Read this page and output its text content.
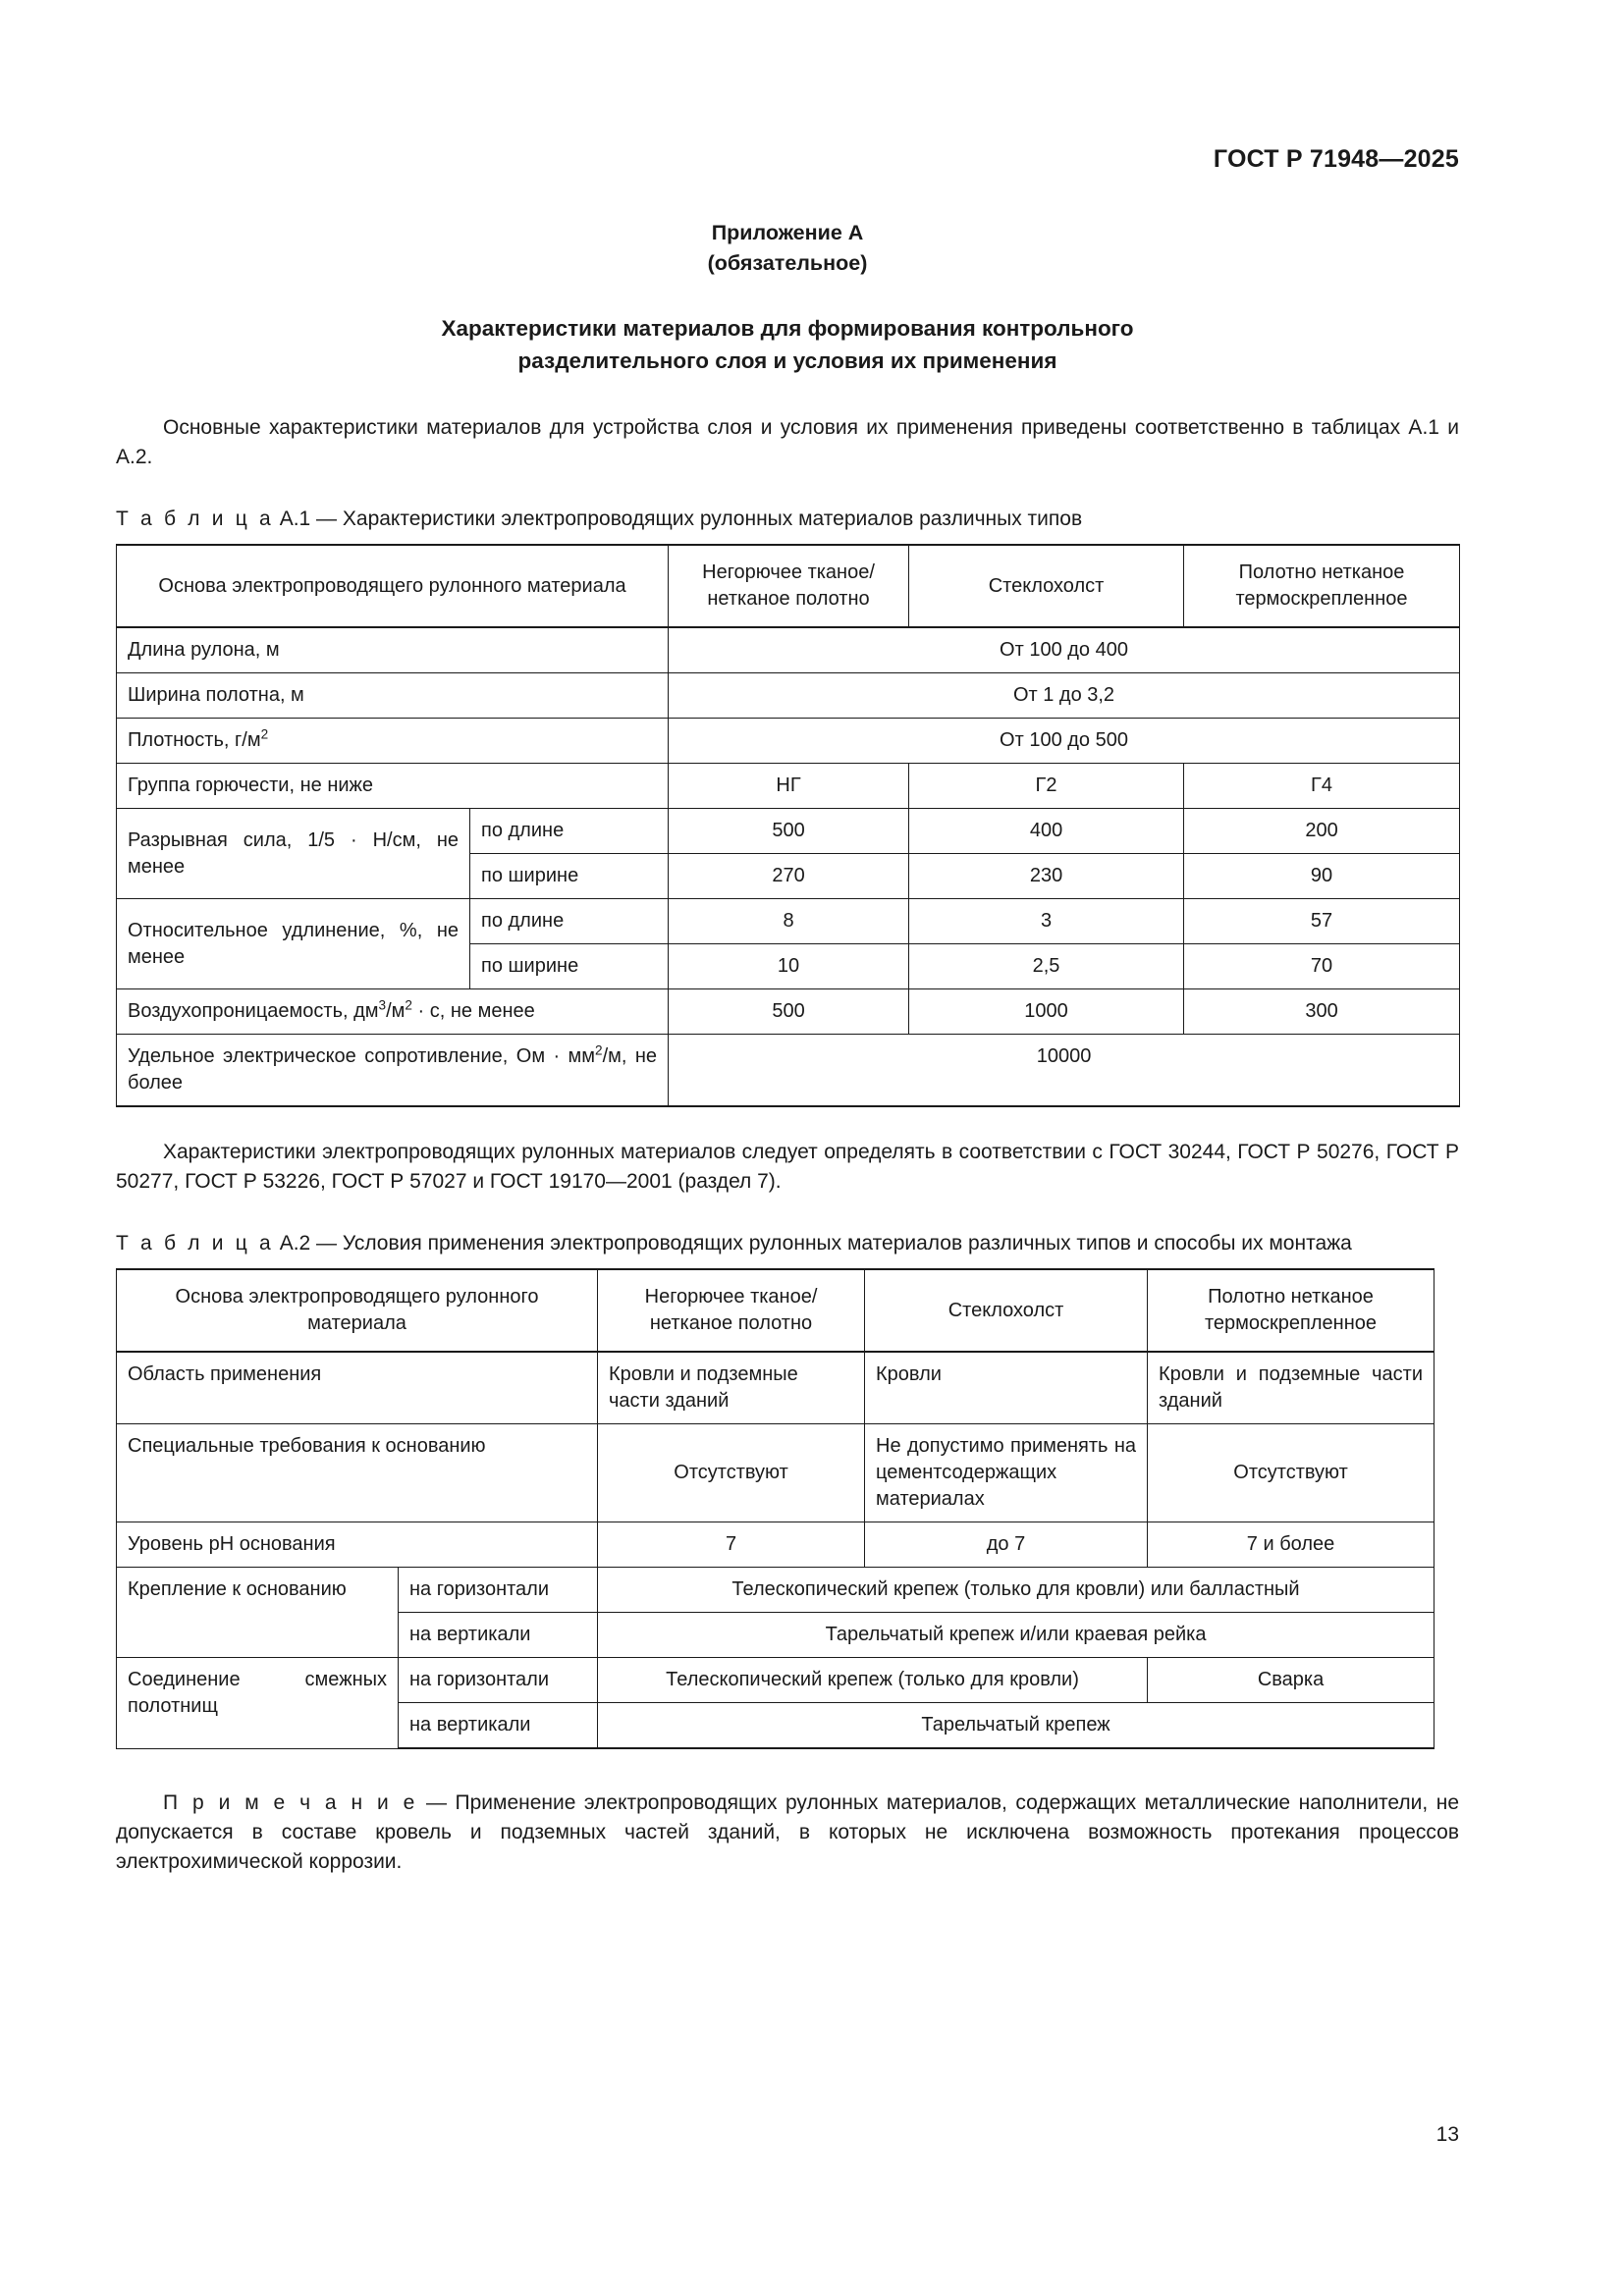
ГОСТ Р 71948—2025
Приложение А
(обязательное)
Характеристики материалов для формирования контрольного
разделительного слоя и условия их применения

Основные характеристики материалов для устройства слоя и условия их применения приведены соответственно в таблицах А.1 и А.2.

Т а б л и ц а А.1 — Характеристики электропроводящих рулонных материалов различных типов
Основа электропроводящего рулонного материала		Негорючее тканое/ нетканое полотно	Стеклохолст	Полотно нетканое термоскрепленное
Длина рулона, м		От 100 до 400		
Ширина полотна, м		От 1 до 3,2		
Плотность, $г/м^2$		От 100 до 500		
Группа горючести, не ниже		НГ	Г2	Г4
Разрывная сила, 1/5 · Н/см, не менее	по длине	500	400	200
	по ширине	270	230	90
Относительное удлинение, %, не менее	по длине	8	3	57
	по ширине	10	2,5	70
Воздухопроницаемость, $дм^3/м^2 \cdot с$, не менее		500	1000	300
Удельное электрическое сопротивление, Ом · $мм^2/м$, не более		10000		

Характеристики электропроводящих рулонных материалов следует определять в соответствии с ГОСТ 30244, ГОСТ Р 50276, ГОСТ Р 50277, ГОСТ Р 53226, ГОСТ Р 57027 и ГОСТ 19170—2001 (раздел 7).

Т а б л и ц а А.2 — Условия применения электропроводящих рулонных материалов различных типов и способы их монтажа
Основа электропроводящего рулонного материала		Негорючее тканое/ нетканое полотно	Стеклохолст	Полотно нетканое термоскрепленное
Область применения		Кровли и подземные части зданий	Кровли	Кровли и подземные части зданий
Специальные требования к основанию		Отсутствуют	Не допустимо применять на цементсодержащих материалах	Отсутствуют
Уровень pH основания		7	до 7	7 и более
Крепление к основанию	на горизонтали	Телескопический крепеж (только для кровли) или балластный		
	на вертикали	Тарельчатый крепеж и/или краевая рейка		
Соединение смежных полотнищ	на горизонтали	Телескопический крепеж (только для кровли)		Сварка
	на вертикали	Тарельчатый крепеж		
П р и м е ч а н и е — Применение электропроводящих рулонных материалов, содержащих металлические наполнители, не допускается в составе кровель и подземных частей зданий, в которых не исключена возможность протекания процессов электрохимической коррозии.
13
